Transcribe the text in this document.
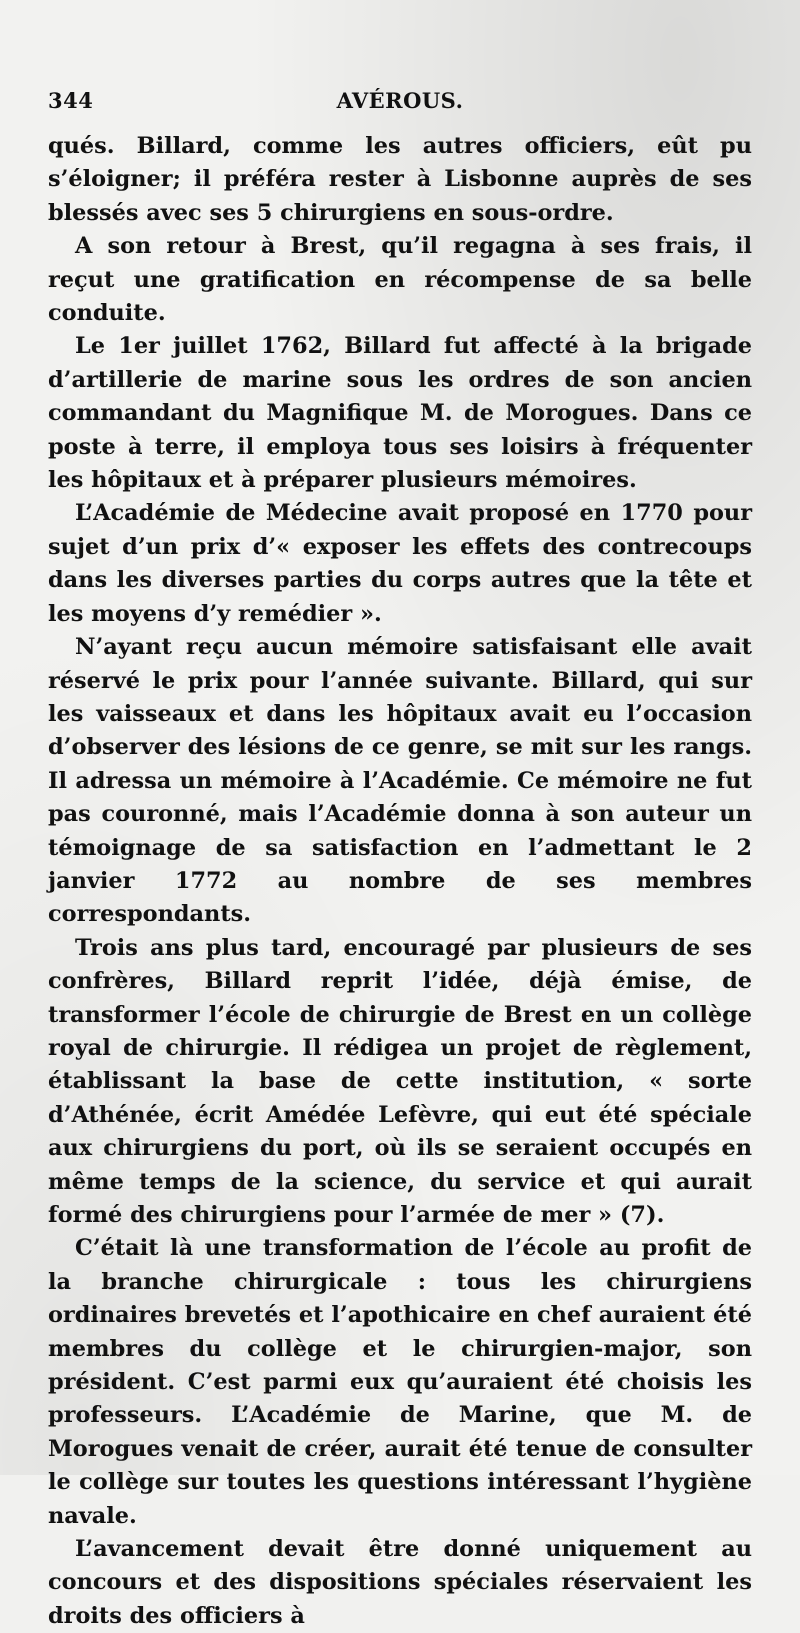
344	AVÉROUS.

qués. Billard, comme les autres officiers, eût pu s’éloigner; il préféra rester à Lisbonne auprès de ses blessés avec ses 5 chirurgiens en sous-ordre.

A son retour à Brest, qu’il regagna à ses frais, il reçut une gratification en récompense de sa belle conduite.

Le 1er juillet 1762, Billard fut affecté à la brigade d’artillerie de marine sous les ordres de son ancien commandant du Magnifique M. de Morogues. Dans ce poste à terre, il employa tous ses loisirs à fréquenter les hôpitaux et à préparer plusieurs mémoires.

L’Académie de Médecine avait proposé en 1770 pour sujet d’un prix d’« exposer les effets des contrecoups dans les diverses parties du corps autres que la tête et les moyens d’y remédier ».

N’ayant reçu aucun mémoire satisfaisant elle avait réservé le prix pour l’année suivante. Billard, qui sur les vaisseaux et dans les hôpitaux avait eu l’occasion d’observer des lésions de ce genre, se mit sur les rangs. Il adressa un mémoire à l’Académie. Ce mémoire ne fut pas couronné, mais l’Académie donna à son auteur un témoignage de sa satisfaction en l’admettant le 2 janvier 1772 au nombre de ses membres correspondants.

Trois ans plus tard, encouragé par plusieurs de ses confrères, Billard reprit l’idée, déjà émise, de transformer l’école de chirurgie de Brest en un collège royal de chirurgie. Il rédigea un projet de règlement, établissant la base de cette institution, « sorte d’Athénée, écrit Amédée Lefèvre, qui eut été spéciale aux chirurgiens du port, où ils se seraient occupés en même temps de la science, du service et qui aurait formé des chirurgiens pour l’armée de mer » (7).

C’était là une transformation de l’école au profit de la branche chirurgicale : tous les chirurgiens ordinaires brevetés et l’apothicaire en chef auraient été membres du collège et le chirurgien-major, son président. C’est parmi eux qu’auraient été choisis les professeurs. L’Académie de Marine, que M. de Morogues venait de créer, aurait été tenue de consulter le collège sur toutes les questions intéressant l’hygiène navale.

L’avancement devait être donné uniquement au concours et des dispositions spéciales réservaient les droits des officiers à
